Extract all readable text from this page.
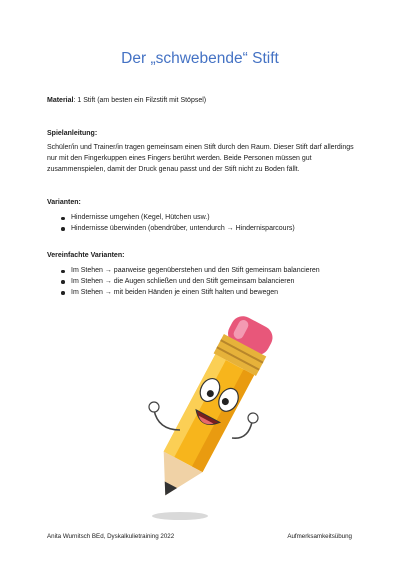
Der „schwebende“ Stift
Material: 1 Stift (am besten ein Filzstift mit Stöpsel)

Spielanleitung:

Schüler/in und Trainer/in tragen gemeinsam einen Stift durch den Raum. Dieser Stift darf allerdings nur mit den Fingerkuppen eines Fingers berührt werden. Beide Personen müssen gut zusammenspielen, damit der Druck genau passt und der Stift nicht zu Boden fällt.

Varianten:

Hindernisse umgehen (Kegel, Hütchen usw.)
Hindernisse überwinden (obendrüber, untendurch → Hindernisparcours)

Vereinfachte Varianten:

Im Stehen → paarweise gegenüberstehen und den Stift gemeinsam balancieren
Im Stehen → die Augen schließen und den Stift gemeinsam balancieren
Im Stehen → mit beiden Händen je einen Stift halten und bewegen
Anita Wurnitsch BEd, Dyskalkulietraining 2022	Aufmerksamkeitsübung
